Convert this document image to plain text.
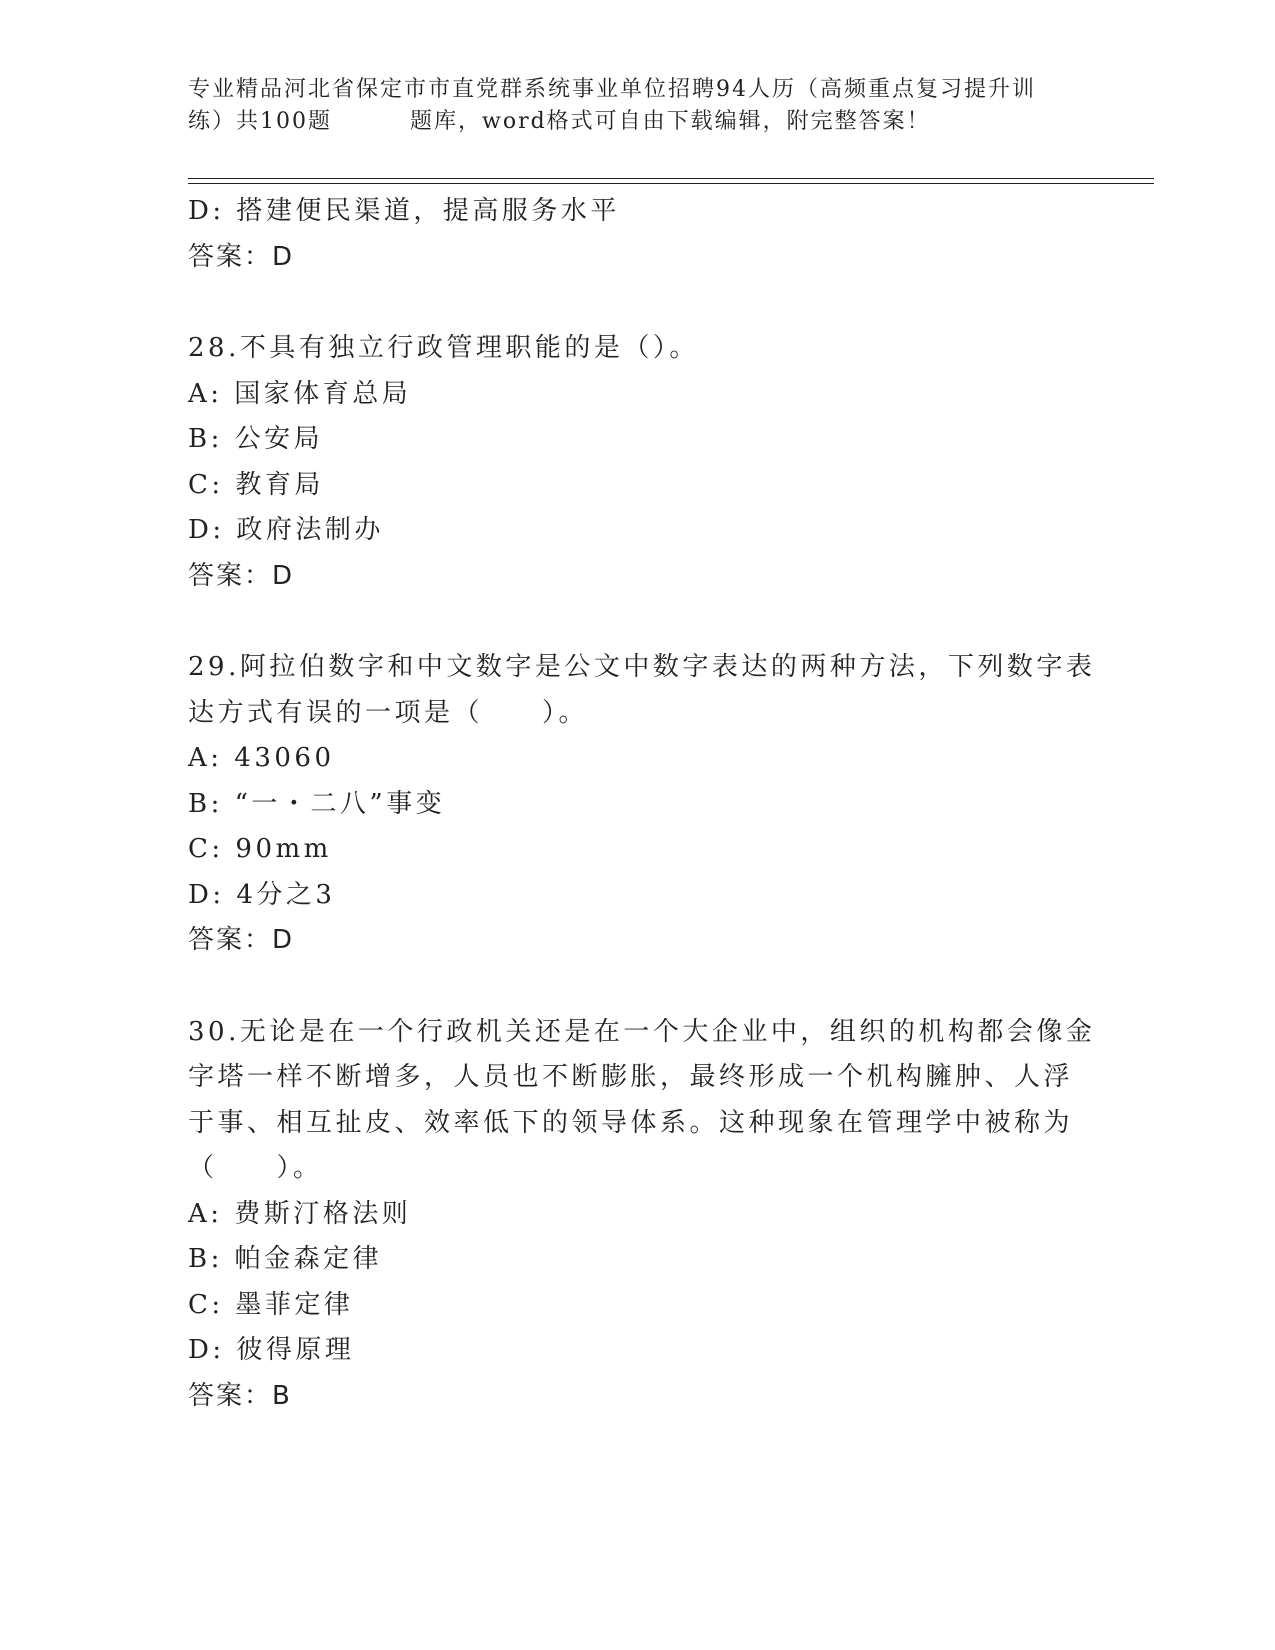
专业精品河北省保定市市直党群系统事业单位招聘94人历（高频重点复习提升训
练）共100题	题库，word格式可自由下载编辑，附完整答案！
D: 搭建便民渠道，提高服务水平
答案：D
28.不具有独立行政管理职能的是（）。
A: 国家体育总局
B: 公安局
C: 教育局
D: 政府法制办
答案：D
29.阿拉伯数字和中文数字是公文中数字表达的两种方法，下列数字表
达方式有误的一项是（　　）。
A: 43060
B: “一・二八”事变
C: 90mm
D: 4分之3
答案：D
30.无论是在一个行政机关还是在一个大企业中，组织的机构都会像金
字塔一样不断增多，人员也不断膨胀，最终形成一个机构臃肿、人浮
于事、相互扯皮、效率低下的领导体系。这种现象在管理学中被称为
（　　）。
A: 费斯汀格法则
B: 帕金森定律
C: 墨菲定律
D: 彼得原理
答案：B
